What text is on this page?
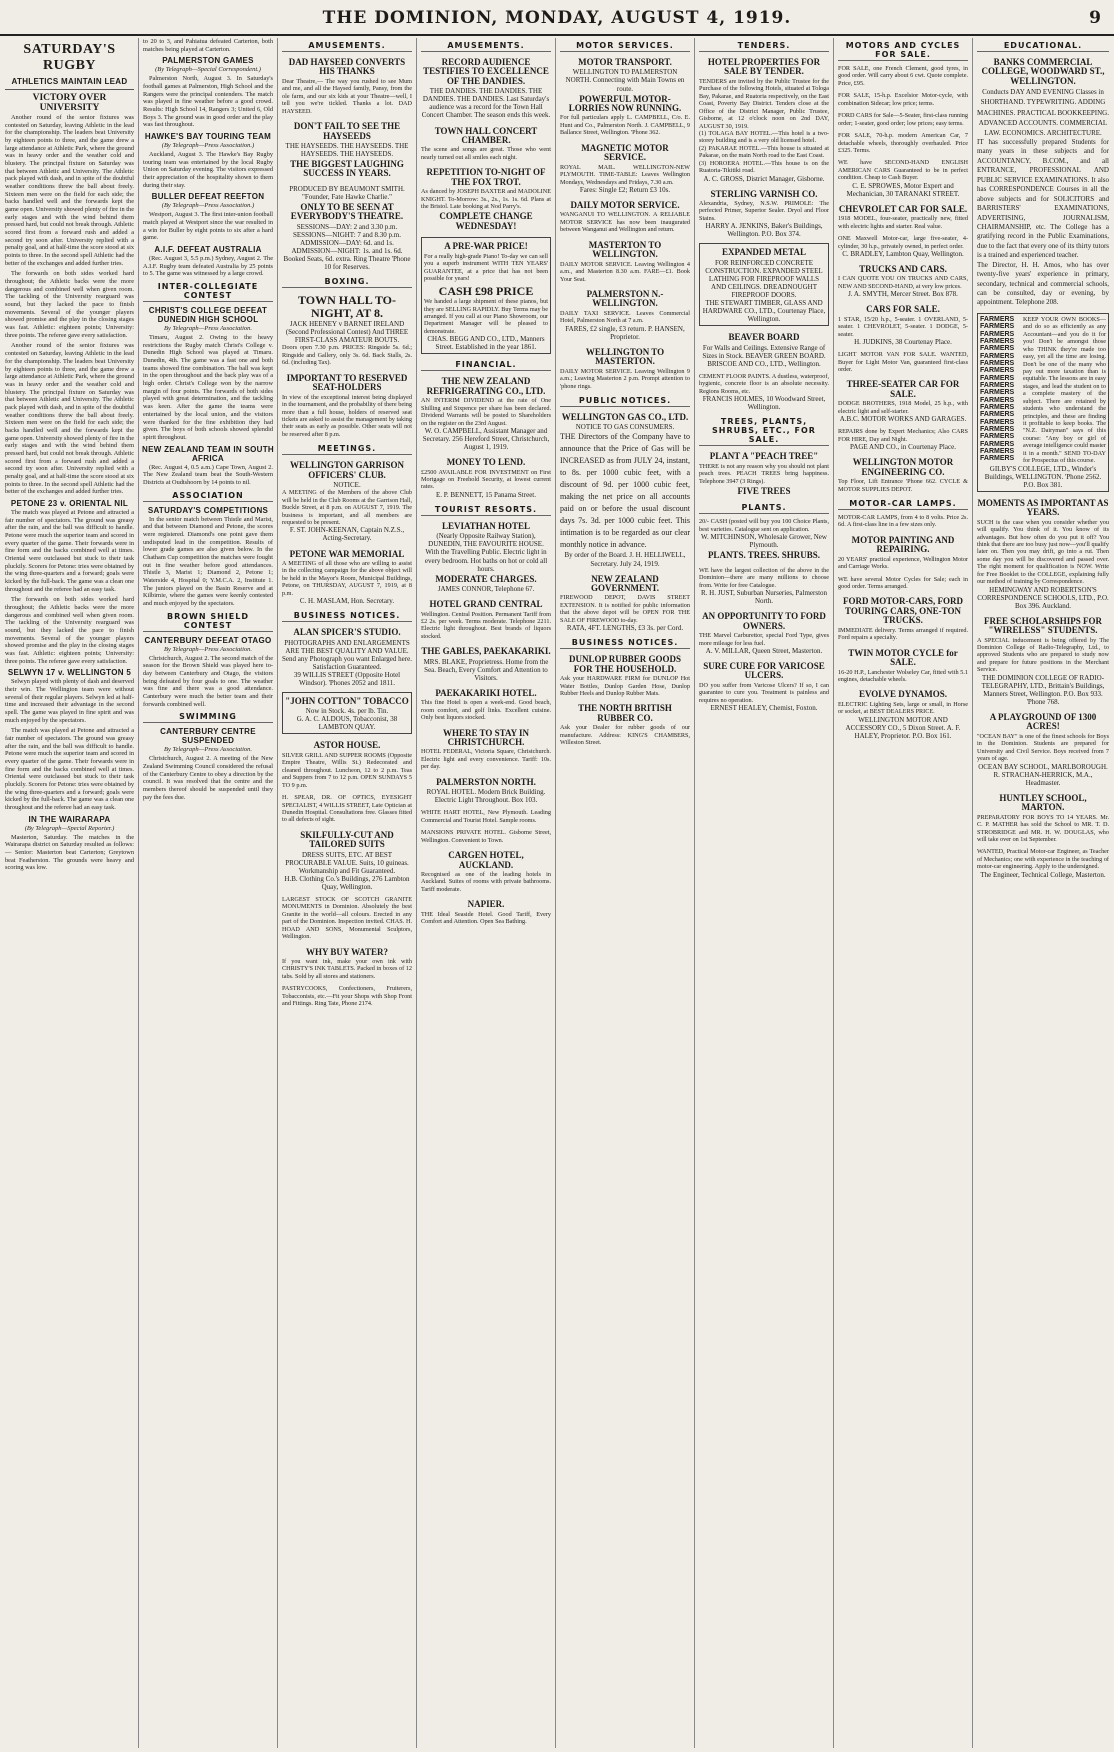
THE DOMINION, MONDAY, AUGUST 4, 1919.	9
SATURDAY'S RUGBY
ATHLETICS MAINTAIN LEAD
VICTORY OVER UNIVERSITY
Another round of the senior fixtures was contested on Saturday, leaving Athletic in the lead for the championship. The leaders beat University by eighteen points to three, and the game drew a large attendance at Athletic Park, where the ground was in heavy order and the weather cold and blustery. The principal fixture on Saturday was that between Athletic and University. The Athletic pack played with dash, and in spite of the doubtful weather conditions threw the ball about freely. Sixteen men were on the field for each side; the backs handled well and the forwards kept the game open. University showed plenty of fire in the early stages and with the wind behind them pressed hard, but could not break through. Athletic scored first from a forward rush and added a second try soon after. University replied with a penalty goal, and at half-time the score stood at six points to three. In the second spell Athletic had the better of the exchanges and added further tries.
The forwards on both sides worked hard throughout; the Athletic backs were the more dangerous and combined well when given room. The tackling of the University rearguard was sound, but they lacked the pace to finish movements. Several of the younger players showed promise and the play in the closing stages was fast. Athletic: eighteen points; University: three points. The referee gave every satisfaction.
Another round of the senior fixtures was contested on Saturday, leaving Athletic in the lead for the championship. The leaders beat University by eighteen points to three, and the game drew a large attendance at Athletic Park, where the ground was in heavy order and the weather cold and blustery. The principal fixture on Saturday was that between Athletic and University. The Athletic pack played with dash, and in spite of the doubtful weather conditions threw the ball about freely. Sixteen men were on the field for each side; the backs handled well and the forwards kept the game open. University showed plenty of fire in the early stages and with the wind behind them pressed hard, but could not break through. Athletic scored first from a forward rush and added a second try soon after. University replied with a penalty goal, and at half-time the score stood at six points to three. In the second spell Athletic had the better of the exchanges and added further tries.
PETONE 23 v. ORIENTAL NIL
The match was played at Petone and attracted a fair number of spectators. The ground was greasy after the rain, and the ball was difficult to handle. Petone were much the superior team and scored in every quarter of the game. Their forwards were in fine form and the backs combined well at times. Oriental were outclassed but stuck to their task pluckily. Scorers for Petone: tries were obtained by the wing three-quarters and a forward; goals were kicked by the full-back. The game was a clean one throughout and the referee had an easy task.
The forwards on both sides worked hard throughout; the Athletic backs were the more dangerous and combined well when given room. The tackling of the University rearguard was sound, but they lacked the pace to finish movements. Several of the younger players showed promise and the play in the closing stages was fast. Athletic: eighteen points; University: three points. The referee gave every satisfaction.
SELWYN 17 v. WELLINGTON 5
Selwyn played with plenty of dash and deserved their win. The Wellington team were without several of their regular players. Selwyn led at half-time and increased their advantage in the second spell. The game was played in fine spirit and was much enjoyed by the spectators.
The match was played at Petone and attracted a fair number of spectators. The ground was greasy after the rain, and the ball was difficult to handle. Petone were much the superior team and scored in every quarter of the game. Their forwards were in fine form and the backs combined well at times. Oriental were outclassed but stuck to their task pluckily. Scorers for Petone: tries were obtained by the wing three-quarters and a forward; goals were kicked by the full-back. The game was a clean one throughout and the referee had an easy task.
IN THE WAIRARAPA
(By Telegraph—Special Reporter.)
Masterton, Saturday. The matches in the Wairarapa district on Saturday resulted as follows:— Senior: Masterton beat Carterton; Greytown beat Featherston. The grounds were heavy and scoring was low.
to 20 to 3, and Pahiatua defeated Carterton, both matches being played at Carterton.
PALMERSTON GAMES
(By Telegraph—Special Correspondent.)
Palmerston North, August 3. In Saturday's football games at Palmerston, High School and the Rangers were the principal contenders. The match was played in fine weather before a good crowd. Results: High School 14, Rangers 3; United 6, Old Boys 3. The ground was in good order and the play was fast throughout.
HAWKE'S BAY TOURING TEAM
(By Telegraph—Press Association.)
Auckland, August 3. The Hawke's Bay Rugby touring team was entertained by the local Rugby Union on Saturday evening. The visitors expressed their appreciation of the hospitality shown to them during their stay.
BULLER DEFEAT REEFTON
(By Telegraph—Press Association.)
Westport, August 3. The first inter-union football match played at Westport since the war resulted in a win for Buller by eight points to six after a hard game.
A.I.F. DEFEAT AUSTRALIA
(Rec. August 3, 5.5 p.m.) Sydney, August 2. The A.I.F. Rugby team defeated Australia by 25 points to 5. The game was witnessed by a large crowd.
INTER-COLLEGIATE CONTEST
CHRIST'S COLLEGE DEFEAT DUNEDIN HIGH SCHOOL
By Telegraph—Press Association.
Timaru, August 2. Owing to the heavy restrictions the Rugby match Christ's College v. Dunedin High School was played at Timaru. Dunedin, 4th. The game was a fast one and both teams showed fine combination. The ball was kept in the open throughout and the back play was of a high order. Christ's College won by the narrow margin of four points. The forwards of both sides played with great determination, and the tackling was keen. After the game the teams were entertained by the local union, and the visitors were thanked for the fine exhibition they had given. The boys of both schools showed splendid spirit throughout.
NEW ZEALAND TEAM IN SOUTH AFRICA
(Rec. August 4, 0.5 a.m.) Cape Town, August 2. The New Zealand team beat the South-Western Districts at Oudtshoorn by 14 points to nil.
ASSOCIATION
SATURDAY'S COMPETITIONS
In the senior match between Thistle and Marist, and that between Diamond and Petone, the scores were registered. Diamond's one point gave them undisputed lead in the competition. Results of lower grade games are also given below. In the Chatham Cup competition the matches were fought out in fine weather before good attendances. Thistle 3, Marist 1; Diamond 2, Petone 1; Waterside 4, Hospital 0; Y.M.C.A. 2, Institute 1. The juniors played on the Basin Reserve and at Kilbirnie, where the games were keenly contested and much enjoyed by the spectators.
BROWN SHIELD CONTEST
CANTERBURY DEFEAT OTAGO
By Telegraph—Press Association.
Christchurch, August 2. The second match of the season for the Brown Shield was played here to-day between Canterbury and Otago, the visitors being defeated by four goals to one. The weather was fine and there was a good attendance. Canterbury were much the better team and their forwards combined well.
SWIMMING
CANTERBURY CENTRE SUSPENDED
By Telegraph—Press Association.
Christchurch, August 2. A meeting of the New Zealand Swimming Council considered the refusal of the Canterbury Centre to obey a direction by the council. It was resolved that the centre and the members thereof should be suspended until they pay the fees due.
AMUSEMENTS.
DAD HAYSEED CONVERTS HIS THANKS
Dear Theatre,— The way you rushed to see Mum and me, and all the Haysed family, Pansy, from the ole farm, and our six kids at your Theatre—well, I tell you we're tickled. Thanks a lot. DAD HAYSEED.
DON'T FAIL TO SEE THE HAYSEEDS
THE HAYSEEDS. THE HAYSEEDS. THE HAYSEEDS. THE HAYSEEDS.
THE BIGGEST LAUGHING SUCCESS IN YEARS.
PRODUCED BY BEAUMONT SMITH. "Founder, Fate Hawke Charlie."
ONLY TO BE SEEN AT EVERYBODY'S THEATRE.
SESSIONS—DAY: 2 and 3.30 p.m. SESSIONS—NIGHT: 7 and 8.30 p.m. ADMISSION—DAY: 6d. and 1s. ADMISSION—NIGHT: 1s. and 1s. 6d.
Booked Seats, 6d. extra. Ring Theatre 'Phone 10 for Reserves.
BOXING.
TOWN HALL TO-NIGHT, AT 8.
JACK HEENEY v BARNET IRELAND (Second Professional Contest) And THREE FIRST-CLASS AMATEUR BOUTS.
Doors open 7.30 p.m. PRICES: Ringside 5s. 6d.; Ringside and Gallery, only 3s. 6d. Back Stalls, 2s. 6d. (including Tax).
IMPORTANT TO RESERVED SEAT-HOLDERS
In view of the exceptional interest being displayed in the tournament, and the probability of there being more than a full house, holders of reserved seat tickets are asked to assist the management by taking their seats as early as possible. Other seats will not be reserved after 8 p.m.
MEETINGS.
WELLINGTON GARRISON OFFICERS' CLUB.
NOTICE.
A MEETING of the Members of the above Club will be held in the Club Rooms at the Garrison Hall, Buckle Street, at 8 p.m. on AUGUST 7, 1919. The business is important, and all members are requested to be present.
F. ST. JOHN-KEENAN, Captain N.Z.S., Acting-Secretary.
PETONE WAR MEMORIAL
A MEETING of all those who are willing to assist in the collecting campaign for the above object will be held in the Mayor's Room, Municipal Buildings, Petone, on THURSDAY, AUGUST 7, 1919, at 8 p.m.
C. H. MASLAM, Hon. Secretary.
BUSINESS NOTICES.
ALAN SPICER'S STUDIO.
PHOTOGRAPHS AND ENLARGEMENTS ARE THE BEST QUALITY AND VALUE. Send any Photograph you want Enlarged here. Satisfaction Guaranteed.
39 WILLIS STREET (Opposite Hotel Windsor). 'Phones 2052 and 1811.
"JOHN COTTON" TOBACCO
Now in Stock. 4s. per lb. Tin.
G. A. C. ALDOUS, Tobacconist, 38 LAMBTON QUAY.
ASTOR HOUSE.
SILVER GRILL AND SUPPER ROOMS (Opposite Empire Theatre, Willis St.) Redecorated and cleaned throughout. Luncheon, 12 to 2 p.m. Teas and Suppers from 7 to 12 p.m. OPEN SUNDAYS 5 TO 9 p.m.
H. SPEAR, DR. OF OPTICS, EYESIGHT SPECIALIST, 4 WILLIS STREET, Late Optician at Dunedin Hospital. Consultations free. Glasses fitted to all defects of sight.
SKILFULLY-CUT AND TAILORED SUITS
DRESS SUITS, ETC. AT BEST PROCURABLE VALUE. Suits, 10 guineas. Workmanship and Fit Guaranteed.
H.B. Clothing Co.'s Buildings, 276 Lambton Quay, Wellington.
LARGEST STOCK OF SCOTCH GRANITE MONUMENTS in Dominion. Absolutely the best Granite in the world—all colours. Erected in any part of the Dominion. Inspection invited. CHAS. H. HOAD AND SONS, Monumental Sculptors, Wellington.
WHY BUY WATER?
If you want ink, make your own ink with CHRISTY'S INK TABLETS. Packed in boxes of 12 tabs. Sold by all stores and stationers.
PASTRYCOOKS, Confectioners, Fruiterers, Tobacconists, etc.—Fit your Shops with Shop Front and Fittings. Ring Tate, Phone 2174.
AMUSEMENTS.
RECORD AUDIENCE TESTIFIES TO EXCELLENCE OF THE DANDIES.
THE DANDIES. THE DANDIES. THE DANDIES. THE DANDIES. Last Saturday's audience was a record for the Town Hall Concert Chamber. The season ends this week.
TOWN HALL CONCERT CHAMBER.
The scene and songs are great. Those who went nearly turned out all smiles each night.
REPETITION TO-NIGHT OF THE FOX TROT.
As danced by JOSEPH BAXTER and MADOLINE KNIGHT. To-Morrow: 3s., 2s., 1s. 1s. 6d. Plans at the Bristol. Late booking at Nod Parry's.
COMPLETE CHANGE WEDNESDAY!
A PRE-WAR PRICE!
For a really high-grade Piano! To-day we can sell you a superb instrument WITH TEN YEARS' GUARANTEE, at a price that has not been possible for years!
CASH £98 PRICE
We handed a large shipment of these pianos, but they are SELLING RAPIDLY. Buy Terms may be arranged. If you call at our Piano Showroom, our Department Manager will be pleased to demonstrate.
CHAS. BEGG AND CO., LTD., Manners Street. Established in the year 1861.
FINANCIAL.
THE NEW ZEALAND REFRIGERATING CO., LTD.
AN INTERIM DIVIDEND at the rate of One Shilling and Sixpence per share has been declared. Dividend Warrants will be posted to Shareholders on the register on the 23rd August.
W. O. CAMPBELL, Assistant Manager and Secretary. 256 Hereford Street, Christchurch, August 1, 1919.
MONEY TO LEND.
£2500 AVAILABLE FOR INVESTMENT on First Mortgage on Freehold Security, at lowest current rates.
E. P. BENNETT, 15 Panama Street.
TOURIST RESORTS.
LEVIATHAN HOTEL
(Nearly Opposite Railway Station), DUNEDIN, THE FAVOURITE HOUSE. With the Travelling Public. Electric light in every bedroom. Hot baths on hot or cold all hours.
MODERATE CHARGES.
JAMES CONNOR, Telephone 67.
HOTEL GRAND CENTRAL
Wellington. Central Position. Permanent Tariff from £2 2s. per week. Terms moderate. Telephone 2211. Electric light throughout. Best brands of liquors stocked.
THE GABLES, PAEKAKARIKI.
MRS. BLAKE, Proprietress. Home from the Sea. Beach, Every Comfort and Attention to Visitors.
PAEKAKARIKI HOTEL.
This fine Hotel is open a week-end. Good beach, room comfort, and golf links. Excellent cuisine. Only best liquors stocked.
WHERE TO STAY IN CHRISTCHURCH.
HOTEL FEDERAL, Victoria Square, Christchurch. Electric light and every convenience. Tariff: 10s. per day.
PALMERSTON NORTH.
ROYAL HOTEL. Modern Brick Building. Electric Light Throughout. Box 103.
WHITE HART HOTEL, New Plymouth. Leading Commercial and Tourist Hotel. Sample rooms.
MANSIONS PRIVATE HOTEL. Gisborne Street, Wellington. Convenient to Town.
CARGEN HOTEL, AUCKLAND.
Recognised as one of the leading hotels in Auckland. Suites of rooms with private bathrooms. Tariff moderate.
NAPIER.
THE Ideal Seaside Hotel. Good Tariff, Every Comfort and Attention. Open Sea Bathing.
MOTOR SERVICES.
MOTOR TRANSPORT.
WELLINGTON TO PALMERSTON NORTH. Connecting with Main Towns en route.
POWERFUL MOTOR-LORRIES NOW RUNNING.
For full particulars apply L. CAMPBELL, C/o. E. Hunt and Co., Palmerston North. J. CAMPBELL, 9 Ballance Street, Wellington. 'Phone 362.
MAGNETIC MOTOR SERVICE.
ROYAL MAIL. WELLINGTON-NEW PLYMOUTH. TIME-TABLE: Leaves Wellington Mondays, Wednesdays and Fridays, 7.30 a.m.
Fares: Single £2; Return £3 10s.
DAILY MOTOR SERVICE.
WANGANUI TO WELLINGTON. A RELIABLE MOTOR SERVICE has now been inaugurated between Wanganui and Wellington and return.
MASTERTON TO WELLINGTON.
DAILY MOTOR SERVICE. Leaving Wellington 4 a.m., and Masterton 8.30 a.m. FARE—£1. Book Your Seat.
PALMERSTON N.-WELLINGTON.
DAILY TAXI SERVICE. Leaves Commercial Hotel, Palmerston North at 7 a.m.
FARES, £2 single, £3 return. P. HANSEN, Proprietor.
WELLINGTON TO MASTERTON.
DAILY MOTOR SERVICE. Leaving Wellington 9 a.m.; Leaving Masterton 2 p.m. Prompt attention to 'phone rings.
PUBLIC NOTICES.
WELLINGTON GAS CO., LTD.
NOTICE TO GAS CONSUMERS.
THE Directors of the Company have to announce that the Price of Gas will be INCREASED as from JULY 24, instant, to 8s. per 1000 cubic feet, with a discount of 9d. per 1000 cubic feet, making the net price on all accounts paid on or before the usual discount days 7s. 3d. per 1000 cubic feet. This intimation is to be regarded as our clear monthly notice in advance.
By order of the Board. J. H. HELLIWELL, Secretary. July 24, 1919.
NEW ZEALAND GOVERNMENT.
FIREWOOD DEPOT, DAVIS STREET EXTENSION. It is notified for public information that the above depot will be OPEN FOR THE SALE OF FIREWOOD to-day.
RATA, 4FT. LENGTHS, £3 3s. per Cord.
BUSINESS NOTICES.
DUNLOP RUBBER GOODS FOR THE HOUSEHOLD.
Ask your HARDWARE FIRM for DUNLOP Hot Water Bottles, Dunlop Garden Hose, Dunlop Rubber Heels and Dunlop Rubber Mats.
THE NORTH BRITISH RUBBER CO.
Ask your Dealer for rubber goods of our manufacture. Address: KING'S CHAMBERS, Willeston Street.
TENDERS.
HOTEL PROPERTIES FOR SALE BY TENDER.
TENDERS are invited by the Public Trustee for the Purchase of the following Hotels, situated at Tologa Bay, Pakarae, and Ruatoria respectively, on the East Coast, Poverty Bay District. Tenders close at the Office of the District Manager, Public Trustee, Gisborne, at 12 o'clock noon on 2nd DAY, AUGUST 30, 1919.
(1) TOLAGA BAY HOTEL.—This hotel is a two-storey building and is a very old licensed hotel.
(2) PAKARAE HOTEL.—This house is situated at Pakarae, on the main North road to the East Coast.
(3) HOROERA HOTEL.—This house is on the Ruatoria-Tikitiki road.
A. C. GROSS, District Manager, Gisborne.
STERLING VARNISH CO.
Alexandria, Sydney, N.S.W. PRIMOLE: The perfected Primer, Superior Sealer. Dryol and Floor Stains.
HARRY A. JENKINS, Baker's Buildings, Wellington. P.O. Box 374.
EXPANDED METAL
FOR REINFORCED CONCRETE CONSTRUCTION. EXPANDED STEEL LATHING FOR FIREPROOF WALLS AND CEILINGS. DREADNOUGHT FIREPROOF DOORS.
THE STEWART TIMBER, GLASS AND HARDWARE CO., LTD., Courtenay Place, Wellington.
BEAVER BOARD
For Walls and Ceilings. Extensive Range of Sizes in Stock. BEAVER GREEN BOARD.
BRISCOE AND CO., LTD., Wellington.
CEMENT FLOOR PAINTS. A dustless, waterproof, hygienic, concrete floor is an absolute necessity. Regions Rooms, etc.
FRANCIS HOLMES, 10 Woodward Street, Wellington.
TREES, PLANTS, SHRUBS, ETC., FOR SALE.
PLANT A "PEACH TREE"
THERE is not any reason why you should not plant peach trees. PEACH TREES bring happiness. Telephone 3947 (3 Rings).
FIVE TREES
PLANTS.
20/- CASH (posted will buy you 100 Choice Plants, best varieties. Catalogue sent on application.
W. MITCHINSON, Wholesale Grower, New Plymouth.
PLANTS. TREES. SHRUBS.
WE have the largest collection of the above in the Dominion—there are many millions to choose from. Write for free Catalogue.
R. H. JUST, Suburban Nurseries, Palmerston North.
AN OPPORTUNITY TO FORD OWNERS.
THE Marvel Carburettor, special Ford Type, gives more mileage for less fuel.
A. V. MILLAR, Queen Street, Masterton.
SURE CURE FOR VARICOSE ULCERS.
DO you suffer from Varicose Ulcers? If so, I can guarantee to cure you. Treatment is painless and requires no operation.
ERNEST HEALEY, Chemist, Foxton.
MOTORS AND CYCLES FOR SALE.
FOR SALE, one French Clement, good tyres, in good order. Will carry about 6 cwt. Quote complete. Price, £95.
FOR SALE, 15-h.p. Excelsior Motor-cycle, with combination Sidecar; low price; terms.
FORD CARS for Sale—5-Seater, first-class running order; 1-seater, good order; low prices; easy terms.
FOR SALE, 70-h.p. modern American Car, 7 detachable wheels, thoroughly overhauled. Price £325. Terms.
WE have SECOND-HAND ENGLISH AMERICAN CARS Guaranteed to be in perfect condition. Cheap to Cash Buyer.
C. E. SPROWES, Motor Expert and Mechanician, 30 TARANAKI STREET.
CHEVROLET CAR FOR SALE.
1918 MODEL, four-seater, practically new, fitted with electric lights and starter. Real value.
ONE Maxwell Motor-car, large five-seater, 4-cylinder, 30 h.p., privately owned, in perfect order.
C. BRADLEY, Lambton Quay, Wellington.
TRUCKS AND CARS.
I CAN QUOTE YOU ON TRUCKS AND CARS, NEW AND SECOND-HAND, at very low prices.
J. A. SMYTH, Mercer Street. Box 878.
CARS FOR SALE.
1 STAR, 15/20 h.p., 5-seater. 1 OVERLAND, 5-seater. 1 CHEVROLET, 5-seater. 1 DODGE, 5-seater.
H. JUDKINS, 38 Courtenay Place.
LIGHT MOTOR VAN FOR SALE. WANTED, Buyer for Light Motor Van, guaranteed first-class order.
THREE-SEATER CAR FOR SALE.
DODGE BROTHERS, 1918 Model, 25 h.p., with electric light and self-starter.
A.B.C. MOTOR WORKS AND GARAGES.
REPAIRS done by Expert Mechanics; Also CARS FOR HIRE, Day and Night.
PAGE AND CO., in Courtenay Place.
WELLINGTON MOTOR ENGINEERING CO.
Top Floor, Lift Entrance 'Phone 662. CYCLE & MOTOR SUPPLIES DEPOT.
MOTOR-CAR LAMPS.
MOTOR-CAR LAMPS, from 4 to 8 volts. Price 2s. 6d. A first-class line in a few sizes only.
MOTOR PAINTING AND REPAIRING.
20 YEARS' practical experience, Wellington Motor and Carriage Works.
WE have several Motor Cycles for Sale; each in good order. Terms arranged.
FORD MOTOR-CARS, FORD TOURING CARS, ONE-TON TRUCKS.
IMMEDIATE delivery. Terms arranged if required. Ford repairs a specialty.
TWIN MOTOR CYCLE for SALE.
16-20 H.P., Lanchester Wolseley Car, fitted with 5.1 engines, detachable wheels.
EVOLVE DYNAMOS.
ELECTRIC Lighting Sets, large or small, in Horse or socket, at BEST DEALERS PRICE.
WELLINGTON MOTOR AND ACCESSORY CO., 5 Dixon Street. A. F. HALEY, Proprietor. P.O. Box 161.
EDUCATIONAL.
BANKS COMMERCIAL COLLEGE, WOODWARD ST., WELLINGTON.
Conducts DAY AND EVENING Classes in SHORTHAND. TYPEWRITING. ADDING MACHINES. PRACTICAL BOOKKEEPING. ADVANCED ACCOUNTS. COMMERCIAL LAW. ECONOMICS. ARCHITECTURE.
IT has successfully prepared Students for many years in these subjects and for ACCOUNTANCY, B.COM., and all ENTRANCE, PROFESSIONAL AND PUBLIC SERVICE EXAMINATIONS. It also has CORRESPONDENCE Courses in all the above subjects and for SOLICITORS and BARRISTERS' EXAMINATIONS, ADVERTISING, JOURNALISM, CHAIRMANSHIP, etc. The College has a gratifying record in the Public Examinations, due to the fact that every one of its thirty tutors is a trained and experienced teacher.
The Director, H. H. Amos, who has over twenty-five years' experience in primary, secondary, technical and commercial schools, can be consulted, day or evening, by appointment. Telephone 208.
FARMERS FARMERS FARMERS FARMERS FARMERS FARMERS FARMERS FARMERS FARMERS FARMERS FARMERS FARMERS FARMERS FARMERS FARMERS FARMERS FARMERS FARMERS FARMERS FARMERS
KEEP YOUR OWN BOOKS—and do so as efficiently as any Accountant—and you do it for you! Don't be amongst those who THINK they're made too easy, yet all the time are losing. Don't be one of the many who pay out more taxation than is equitable. The lessons are in easy stages, and lead the student on to a complete mastery of the subject. There are retained by students who understand the principles, and these are finding it profitable to keep books. The "N.Z. Dairyman" says of this course: "Any boy or girl of average intelligence could master it in a month." SEND TO-DAY for Prospectus of this course.
GILBY'S COLLEGE, LTD., Winder's Buildings, WELLINGTON. 'Phone 2562. P.O. Box 381.
MOMENTS AS IMPORTANT AS YEARS.
SUCH is the case when you consider whether you will qualify. You think of it. You know of its advantages. But how often do you put it off? You think that there are too busy just now—you'll qualify later on. Then you may drift, go into a rut. Then some day you will be discovered and passed over. The right moment for qualification is NOW. Write for Free Booklet to the COLLEGE, explaining fully our method of training by Correspondence.
HEMINGWAY AND ROBERTSON'S CORRESPONDENCE SCHOOLS, LTD., P.O. Box 396. Auckland.
FREE SCHOLARSHIPS FOR "WIRELESS" STUDENTS.
A SPECIAL inducement is being offered by The Dominion College of Radio-Telegraphy, Ltd., to approved Students who are prepared to study now and prepare for future positions in the Merchant Service.
THE DOMINION COLLEGE OF RADIO-TELEGRAPHY, LTD., Brittain's Buildings, Manners Street, Wellington. P.O. Box 933. 'Phone 768.
A PLAYGROUND OF 1300 ACRES!
"OCEAN BAY" is one of the finest schools for Boys in the Dominion. Students are prepared for University and Civil Service. Boys received from 7 years of age.
OCEAN BAY SCHOOL, MARLBOROUGH. R. STRACHAN-HERRICK, M.A., Headmaster.
HUNTLEY SCHOOL, MARTON.
PREPARATORY FOR BOYS TO 14 YEARS. Mr. C. P. MATHER has sold the School to MR. T. D. STROBRIDGE and MR. H. W. DOUGLAS, who will take over on 1st September.
WANTED, Practical Motor-car Engineer, as Teacher of Mechanics; one with experience in the teaching of motor-car engineering. Apply to the undersigned.
The Engineer, Technical College, Masterton.
